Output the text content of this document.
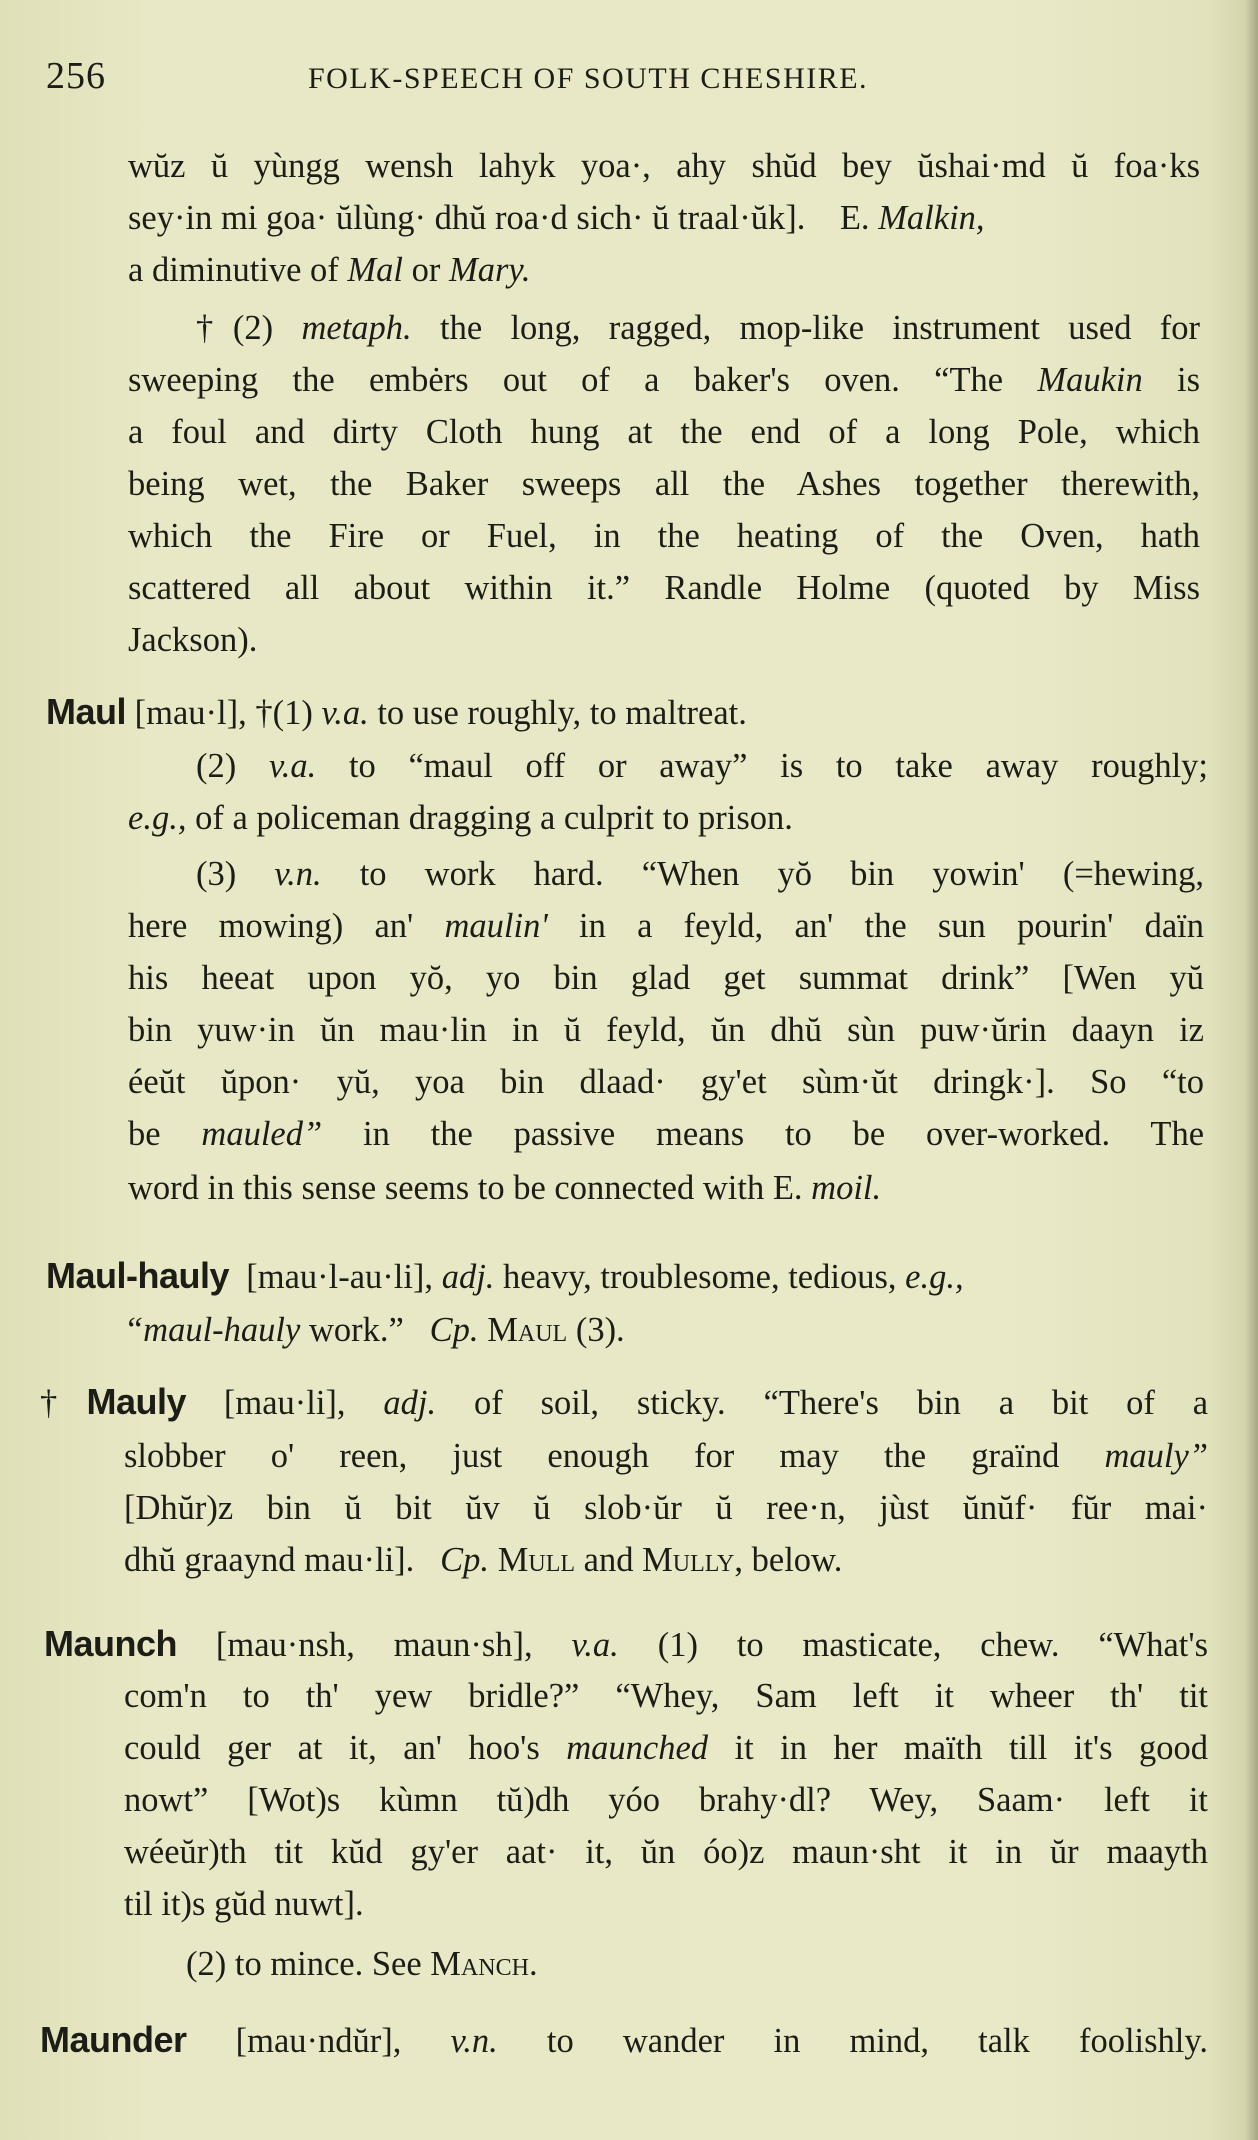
256	FOLK-SPEECH OF SOUTH CHESHIRE.
wŭz ŭ yùngg wensh lahyk yoa·, ahy shŭd bey ŭshai·md ŭ foa·ks
sey·in mi goa· ŭlùng· dhŭ roa·d sich· ŭ traal·ŭk]. E. Malkin,
a diminutive of Mal or Mary.
†(2) metaph. the long, ragged, mop-like instrument used for
sweeping the embėrs out of a baker's oven. “The Maukin is
a foul and dirty Cloth hung at the end of a long Pole, which
being wet, the Baker sweeps all the Ashes together therewith,
which the Fire or Fuel, in the heating of the Oven, hath
scattered all about within it.” Randle Holme (quoted by Miss
Jackson).
Maul [mau·l], †(1) v.a. to use roughly, to maltreat.
(2) v.a. to “maul off or away” is to take away roughly;
e.g., of a policeman dragging a culprit to prison.
(3) v.n. to work hard. “When yŏ bin yowin' (=hewing,
here mowing) an' maulin' in a feyld, an' the sun pourin' daïn
his heeat upon yŏ, yo bin glad get summat drink” [Wen yŭ
bin yuw·in ŭn mau·lin in ŭ feyld, ŭn dhŭ sùn puw·ŭrin daayn iz
éeŭt ŭpon· yŭ, yoa bin dlaad· gy'et sùm·ŭt dringk·]. So “to
be mauled” in the passive means to be over-worked. The
word in this sense seems to be connected with E. moil.
Maul-hauly [mau·l-au·li], adj. heavy, troublesome, tedious, e.g.,
“maul-hauly work.” Cp. Maul (3).
†Mauly [mau·li], adj. of soil, sticky. “There's bin a bit of a
slobber o' reen, just enough for may the graïnd mauly”
[Dhŭr)z bin ŭ bit ŭv ŭ slob·ŭr ŭ ree·n, jùst ŭnŭf· fŭr mai·
dhŭ graaynd mau·li]. Cp. Mull and Mully, below.
Maunch [mau·nsh, maun·sh], v.a. (1) to masticate, chew. “What's
com'n to th' yew bridle?” “Whey, Sam left it wheer th' tit
could ger at it, an' hoo's maunched it in her maïth till it's good
nowt” [Wot)s kùmn tŭ)dh yóo brahy·dl? Wey, Saam· left it
wéeŭr)th tit kŭd gy'er aat· it, ŭn óo)z maun·sht it in ŭr maayth
til it)s gŭd nuwt].
(2) to mince. See Manch.
Maunder [mau·ndŭr], v.n. to wander in mind, talk foolishly.
